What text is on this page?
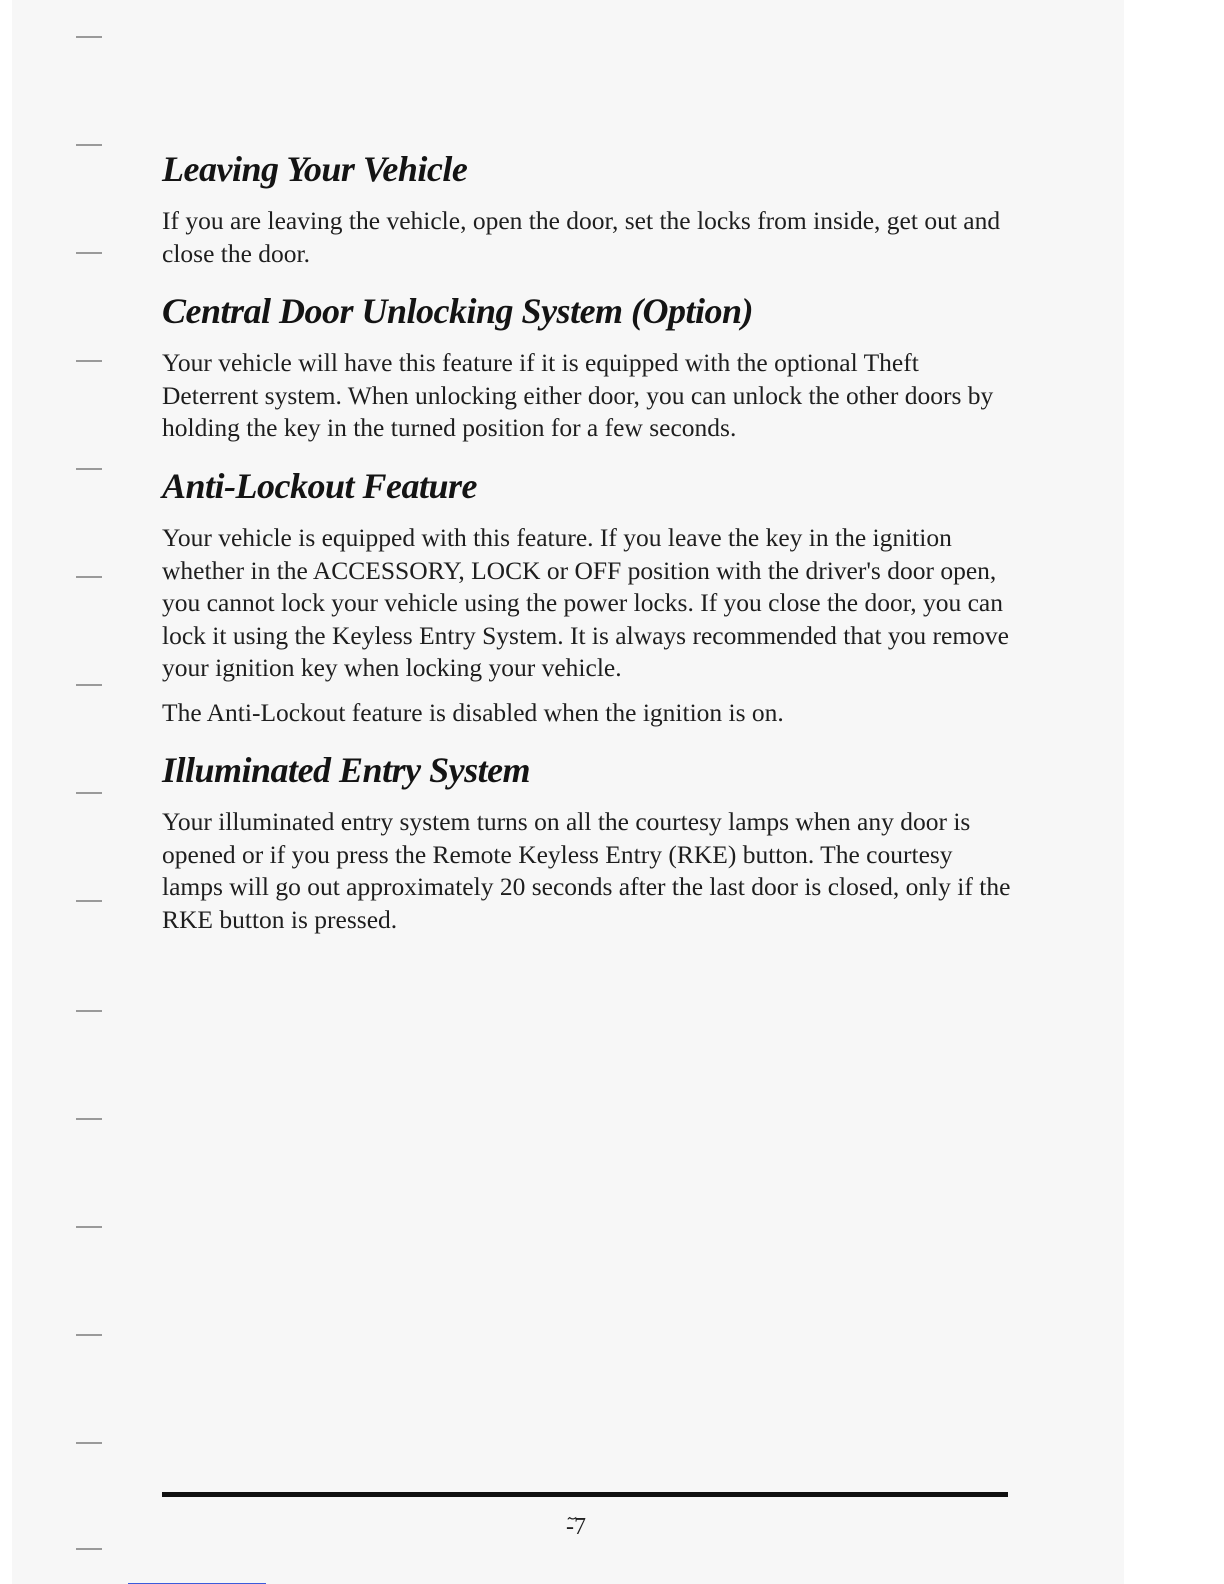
Leaving Your Vehicle

If you are leaving the vehicle, open the door, set the locks from inside, get out and close the door.

Central Door Unlocking System (Option)

Your vehicle will have this feature if it is equipped with the optional Theft Deterrent system. When unlocking either door, you can unlock the other doors by holding the key in the turned position for a few seconds.

Anti-Lockout Feature

Your vehicle is equipped with this feature. If you leave the key in the ignition whether in the ACCESSORY, LOCK or OFF position with the driver's door open, you cannot lock your vehicle using the power locks. If you close the door, you can lock it using the Keyless Entry System. It is always recommended that you remove your ignition key when locking your vehicle.

The Anti-Lockout feature is disabled when the ignition is on.

Illuminated Entry System

Your illuminated entry system turns on all the courtesy lamps when any door is opened or if you press the Remote Keyless Entry (RKE) button. The courtesy lamps will go out approximately 20 seconds after the last door is closed, only if the RKE button is pressed.

ٓ-7
